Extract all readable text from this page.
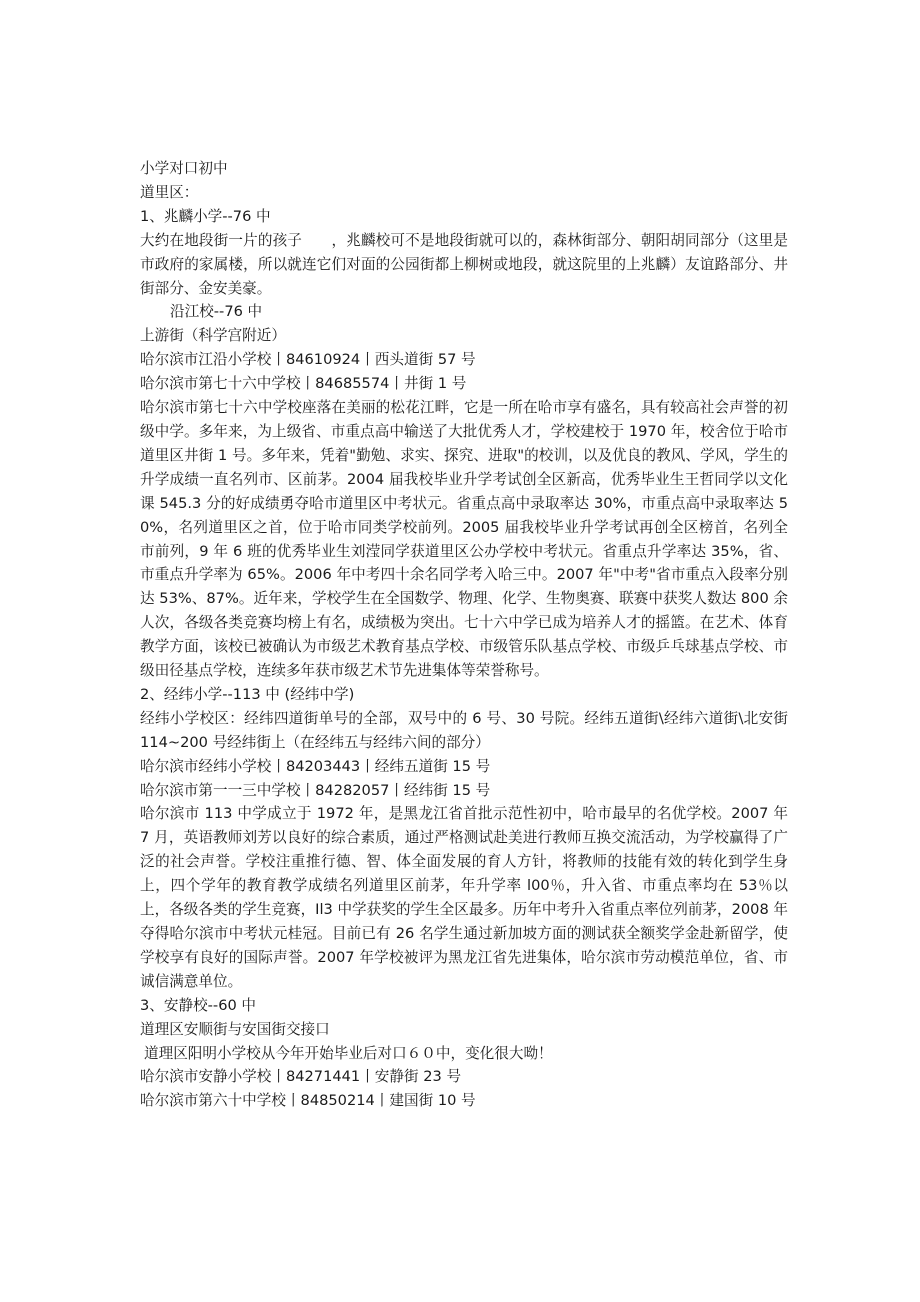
小学对口初中
道里区：
1、兆麟小学--76 中
大约在地段街一片的孩子　　，兆麟校可不是地段街就可以的，森林街部分、朝阳胡同部分（这里是市政府的家属楼，所以就连它们对面的公园街都上柳树或地段，就这院里的上兆麟）友谊路部分、井街部分、金安美豪。
沿江校--76 中
上游街（科学宫附近）
哈尔滨市江沿小学校丨84610924丨西头道街 57 号
哈尔滨市第七十六中学校丨84685574丨井街 1 号
哈尔滨市第七十六中学校座落在美丽的松花江畔，它是一所在哈市享有盛名，具有较高社会声誉的初级中学。多年来，为上级省、市重点高中输送了大批优秀人才，学校建校于 1970 年，校舍位于哈市道里区井街 1 号。多年来，凭着"勤勉、求实、探究、进取"的校训，以及优良的教风、学风，学生的升学成绩一直名列市、区前茅。2004 届我校毕业升学考试创全区新高，优秀毕业生王哲同学以文化课 545.3 分的好成绩勇夺哈市道里区中考状元。省重点高中录取率达 30%，市重点高中录取率达 50%，名列道里区之首，位于哈市同类学校前列。2005 届我校毕业升学考试再创全区榜首，名列全市前列，9 年 6 班的优秀毕业生刘滢同学获道里区公办学校中考状元。省重点升学率达 35%，省、市重点升学率为 65%。2006 年中考四十余名同学考入哈三中。2007 年"中考"省市重点入段率分别达 53%、87%。近年来，学校学生在全国数学、物理、化学、生物奥赛、联赛中获奖人数达 800 余人次，各级各类竞赛均榜上有名，成绩极为突出。七十六中学已成为培养人才的摇篮。在艺术、体育教学方面，该校已被确认为市级艺术教育基点学校、市级管乐队基点学校、市级乒乓球基点学校、市级田径基点学校，连续多年获市级艺术节先进集体等荣誉称号。
2、经纬小学--113 中 (经纬中学)
经纬小学校区：经纬四道街单号的全部，双号中的 6 号、30 号院。经纬五道街\经纬六道街\北安街 114~200 号经纬街上（在经纬五与经纬六间的部分）
哈尔滨市经纬小学校丨84203443丨经纬五道街 15 号
哈尔滨市第一一三中学校丨84282057丨经纬街 15 号
哈尔滨市 113 中学成立于 1972 年，是黑龙江省首批示范性初中，哈市最早的名优学校。2007 年 7 月，英语教师刘芳以良好的综合素质，通过严格测试赴美进行教师互换交流活动，为学校赢得了广泛的社会声誉。学校注重推行德、智、体全面发展的育人方针，将教师的技能有效的转化到学生身上，四个学年的教育教学成绩名列道里区前茅，年升学率 l00％，升入省、市重点率均在 53％以上，各级各类的学生竞赛，Il3 中学获奖的学生全区最多。历年中考升入省重点率位列前茅，2008 年夺得哈尔滨市中考状元桂冠。目前已有 26 名学生通过新加坡方面的测试获全额奖学金赴新留学，使学校享有良好的国际声誉。2007 年学校被评为黑龙江省先进集体，哈尔滨市劳动模范单位，省、市诚信满意单位。
3、安静校--60 中
道理区安顺街与安国街交接口
道理区阳明小学校从今年开始毕业后对口６０中，变化很大呦！
哈尔滨市安静小学校丨84271441丨安静街 23 号
哈尔滨市第六十中学校丨84850214丨建国街 10 号
